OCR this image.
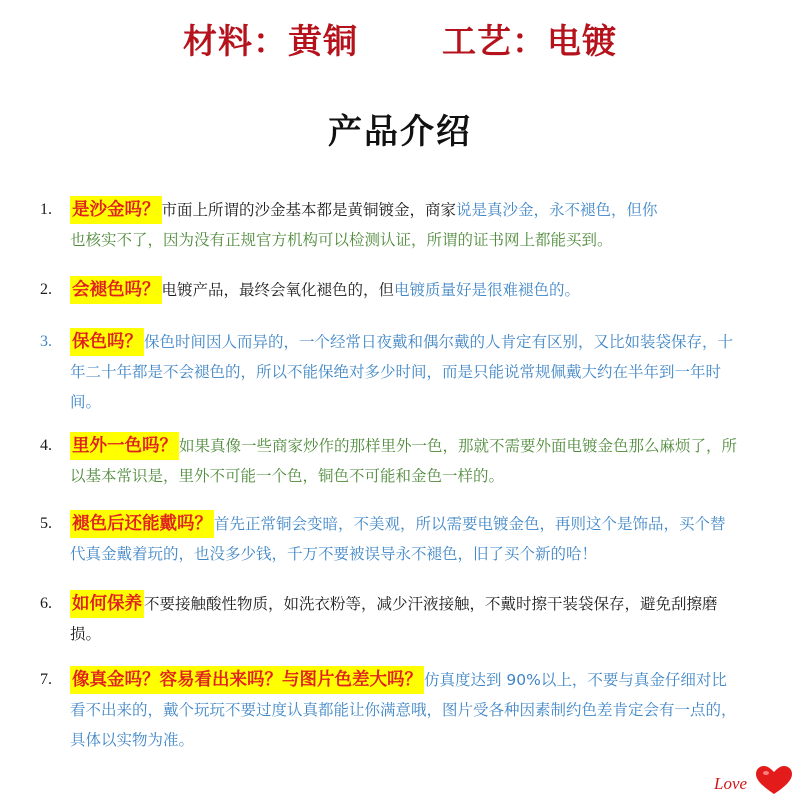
材料：黄铜 工艺：电镀
产品介绍
1.	是沙金吗？ 市面上所谓的沙金基本都是黄铜镀金，商家说是真沙金，永不褪色，但你
也核实不了，因为没有正规官方机构可以检测认证，所谓的证书网上都能买到。
2.	会褪色吗？ 电镀产品，最终会氧化褪色的，但电镀质量好是很难褪色的。
3.	保色吗？ 保色时间因人而异的，一个经常日夜戴和偶尔戴的人肯定有区别，又比如装袋保存，十年二十年都是不会褪色的，所以不能保绝对多少时间，而是只能说常规佩戴大约在半年到一年时间。
4.	里外一色吗？ 如果真像一些商家炒作的那样里外一色，那就不需要外面电镀金色那么麻烦了，所以基本常识是，里外不可能一个色，铜色不可能和金色一样的。
5.	褪色后还能戴吗？ 首先正常铜会变暗，不美观，所以需要电镀金色，再则这个是饰品，买个替代真金戴着玩的，也没多少钱，千万不要被误导永不褪色，旧了买个新的哈！
6.	如何保养 不要接触酸性物质，如洗衣粉等，减少汗液接触，不戴时擦干装袋保存，避免刮擦磨损。
7.	像真金吗？容易看出来吗？与图片色差大吗？ 仿真度达到 90%以上，不要与真金仔细对比看不出来的，戴个玩玩不要过度认真都能让你满意哦，图片受各种因素制约色差肯定会有一点的，具体以实物为准。
Love
